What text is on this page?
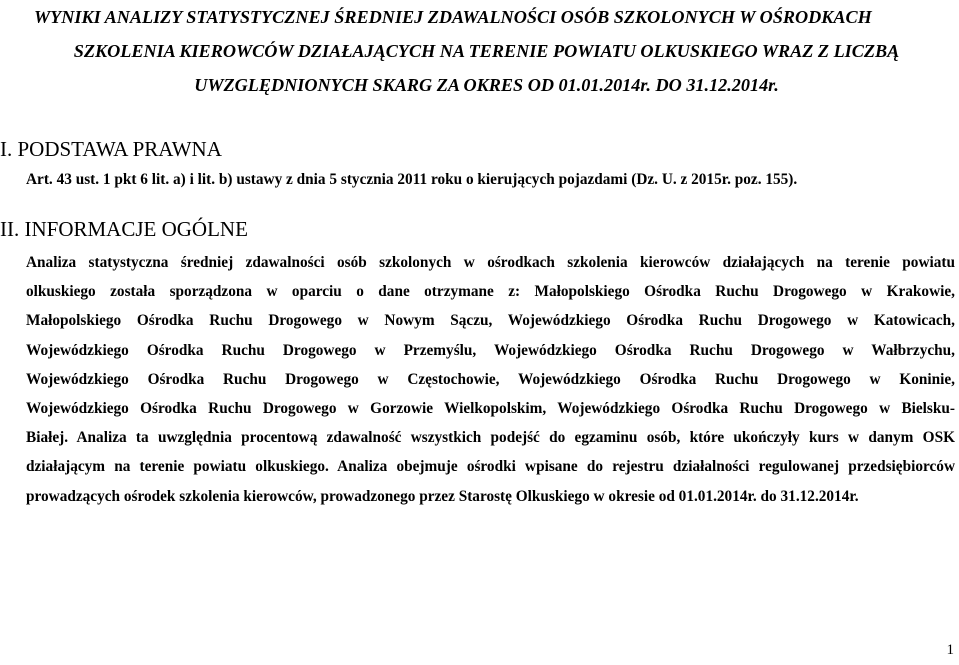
WYNIKI ANALIZY STATYSTYCZNEJ ŚREDNIEJ ZDAWALNOŚCI OSÓB SZKOLONYCH W OŚRODKACH
SZKOLENIA KIEROWCÓW DZIAŁAJĄCYCH NA TERENIE POWIATU OLKUSKIEGO WRAZ Z LICZBĄ
UWZGLĘDNIONYCH SKARG ZA OKRES OD 01.01.2014r. DO 31.12.2014r.
I. PODSTAWA PRAWNA

Art. 43 ust. 1 pkt 6 lit. a) i lit. b) ustawy z dnia 5 stycznia 2011 roku o kierujących pojazdami (Dz. U. z 2015r. poz. 155).

II. INFORMACJE OGÓLNE
Analiza statystyczna średniej zdawalności osób szkolonych w ośrodkach szkolenia kierowców działających na terenie powiatu
olkuskiego została sporządzona w oparciu o dane otrzymane z: Małopolskiego Ośrodka Ruchu Drogowego w Krakowie,
Małopolskiego Ośrodka Ruchu Drogowego w Nowym Sączu, Wojewódzkiego Ośrodka Ruchu Drogowego w Katowicach,
Wojewódzkiego Ośrodka Ruchu Drogowego w Przemyślu, Wojewódzkiego Ośrodka Ruchu Drogowego w Wałbrzychu,
Wojewódzkiego Ośrodka Ruchu Drogowego w Częstochowie, Wojewódzkiego Ośrodka Ruchu Drogowego w Koninie,
Wojewódzkiego Ośrodka Ruchu Drogowego w Gorzowie Wielkopolskim, Wojewódzkiego Ośrodka Ruchu Drogowego w Bielsku-
Białej. Analiza ta uwzględnia procentową zdawalność wszystkich podejść do egzaminu osób, które ukończyły kurs w danym OSK
działającym na terenie powiatu olkuskiego. Analiza obejmuje ośrodki wpisane do rejestru działalności regulowanej przedsiębiorców
prowadzących ośrodek szkolenia kierowców, prowadzonego przez Starostę Olkuskiego w okresie od 01.01.2014r. do 31.12.2014r.
1
